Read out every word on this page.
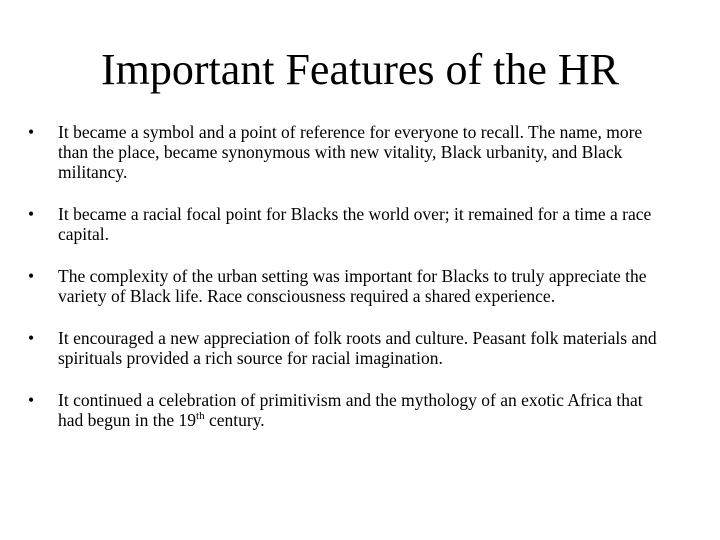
Important Features of the HR
•	It became a symbol and a point of reference for everyone to recall. The name, more than the place, became synonymous with new vitality, Black urbanity, and Black militancy.
•	It became a racial focal point for Blacks the world over; it remained for a time a race capital.
•	The complexity of the urban setting was important for Blacks to truly appreciate the variety of Black life. Race consciousness required a shared experience.
•	It encouraged a new appreciation of folk roots and culture. Peasant folk materials and spirituals provided a rich source for racial imagination.
•	It continued a celebration of primitivism and the mythology of an exotic Africa that had begun in the 19th century.
